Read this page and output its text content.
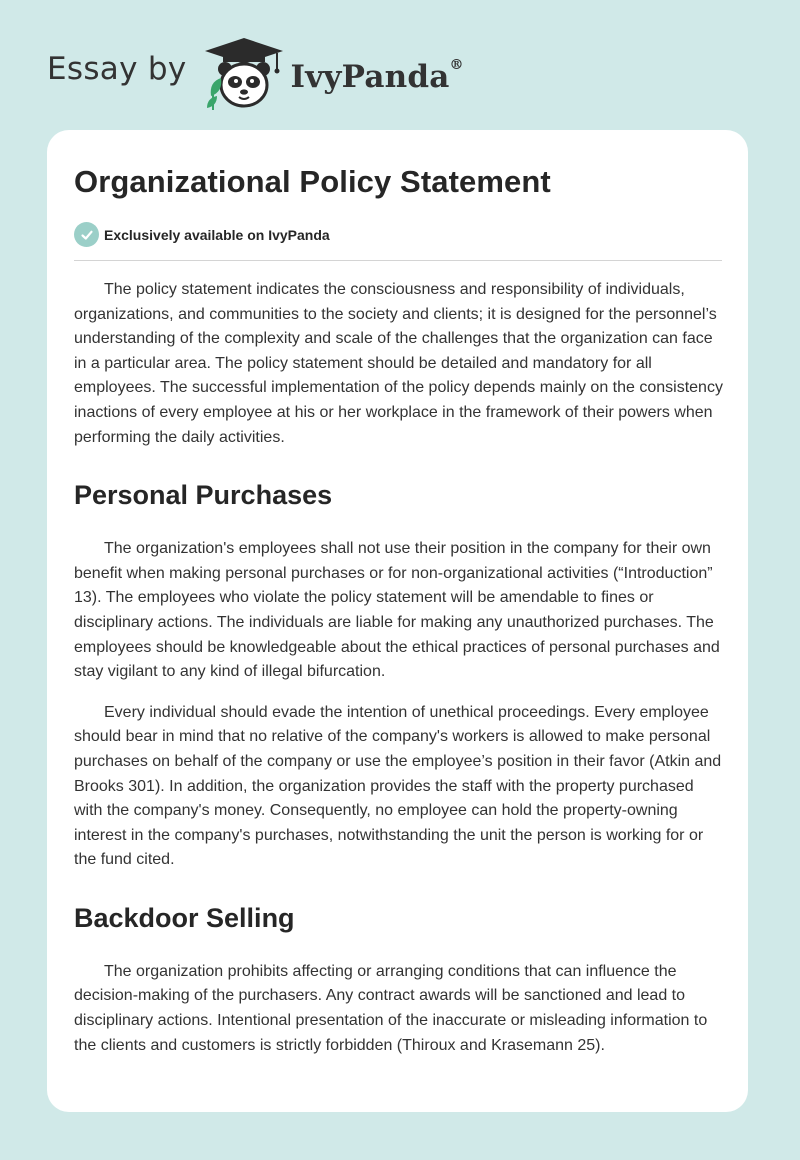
Essay by	IvyPanda®
Organizational Policy Statement
Exclusively available on IvyPanda

The policy statement indicates the consciousness and responsibility of individuals, organizations, and communities to the society and clients; it is designed for the personnel’s understanding of the complexity and scale of the challenges that the organization can face in a particular area. The policy statement should be detailed and mandatory for all employees. The successful implementation of the policy depends mainly on the consistency inactions of every employee at his or her workplace in the framework of their powers when performing the daily activities.

Personal Purchases

The organization's employees shall not use their position in the company for their own benefit when making personal purchases or for non-organizational activities (“Introduction” 13). The employees who violate the policy statement will be amendable to fines or disciplinary actions. The individuals are liable for making any unauthorized purchases. The employees should be knowledgeable about the ethical practices of personal purchases and stay vigilant to any kind of illegal bifurcation.

Every individual should evade the intention of unethical proceedings. Every employee should bear in mind that no relative of the company's workers is allowed to make personal purchases on behalf of the company or use the employee’s position in their favor (Atkin and Brooks 301). In addition, the organization provides the staff with the property purchased with the company's money. Consequently, no employee can hold the property-owning interest in the company's purchases, notwithstanding the unit the person is working for or the fund cited.

Backdoor Selling

The organization prohibits affecting or arranging conditions that can influence the decision-making of the purchasers. Any contract awards will be sanctioned and lead to disciplinary actions. Intentional presentation of the inaccurate or misleading information to the clients and customers is strictly forbidden (Thiroux and Krasemann 25).
